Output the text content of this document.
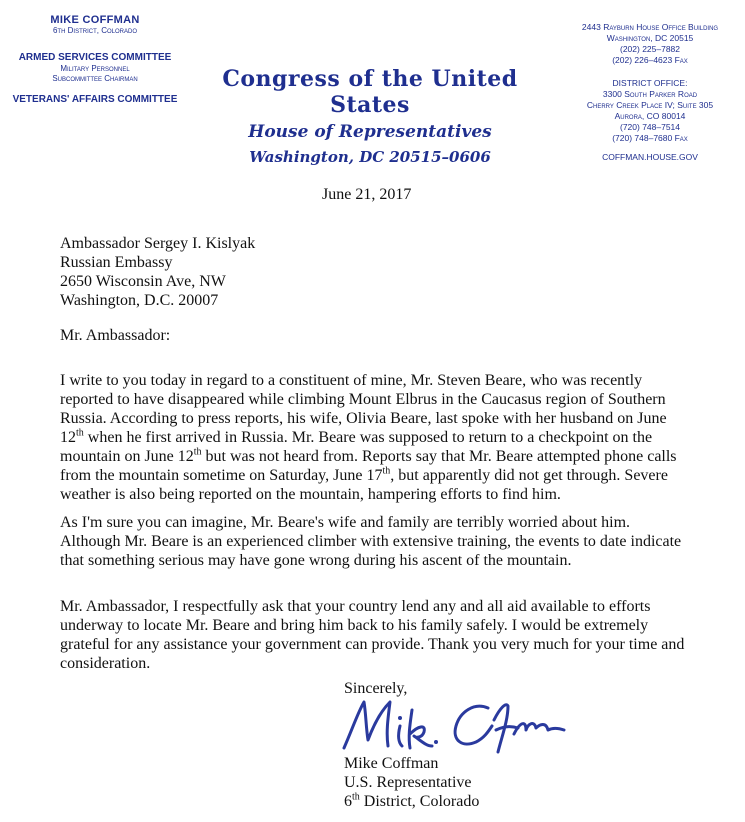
MIKE COFFMAN
6th District, Colorado
ARMED SERVICES COMMITTEE
Military Personnel
Subcommittee Chairman
VETERANS' AFFAIRS COMMITTEE
Congress of the United States
House of Representatives
Washington, DC 20515–0606
2443 Rayburn House Office Building
Washington, DC 20515
(202) 225–7882
(202) 226–4623 Fax
DISTRICT OFFICE:
3300 South Parker Road
Cherry Creek Place IV; Suite 305
Aurora, CO 80014
(720) 748–7514
(720) 748–7680 Fax
COFFMAN.HOUSE.GOV
June 21, 2017
Ambassador Sergey I. Kislyak
Russian Embassy
2650 Wisconsin Ave, NW
Washington, D.C. 20007
Mr. Ambassador:

I write to you today in regard to a constituent of mine, Mr. Steven Beare, who was recently reported to have disappeared while climbing Mount Elbrus in the Caucasus region of Southern Russia. According to press reports, his wife, Olivia Beare, last spoke with her husband on June 12th when he first arrived in Russia. Mr. Beare was supposed to return to a checkpoint on the mountain on June 12th but was not heard from. Reports say that Mr. Beare attempted phone calls from the mountain sometime on Saturday, June 17th, but apparently did not get through. Severe weather is also being reported on the mountain, hampering efforts to find him.

As I'm sure you can imagine, Mr. Beare's wife and family are terribly worried about him. Although Mr. Beare is an experienced climber with extensive training, the events to date indicate that something serious may have gone wrong during his ascent of the mountain.

Mr. Ambassador, I respectfully ask that your country lend any and all aid available to efforts underway to locate Mr. Beare and bring him back to his family safely. I would be extremely grateful for any assistance your government can provide. Thank you very much for your time and consideration.

Sincerely,
Mike Coffman
U.S. Representative
6th District, Colorado
